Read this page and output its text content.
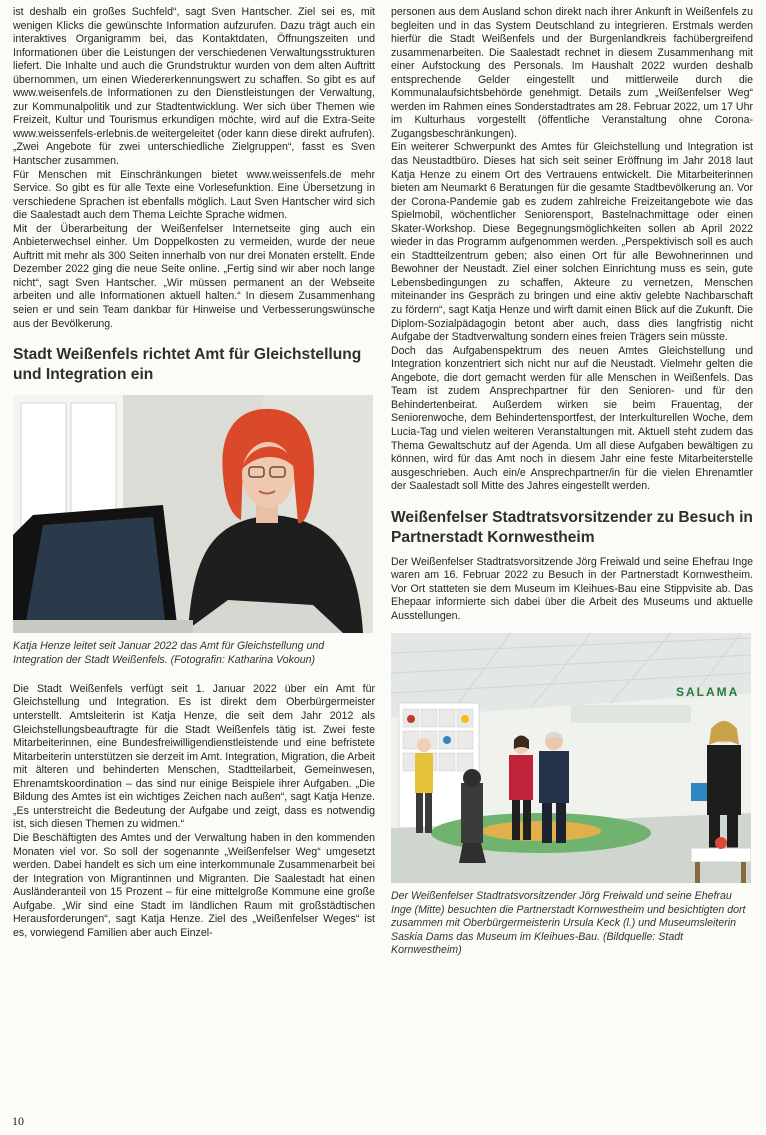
ist deshalb ein großes Suchfeld“, sagt Sven Hantscher. Ziel sei es, mit wenigen Klicks die gewünschte Information aufzurufen. Dazu trägt auch ein interaktives Organigramm bei, das Kontaktdaten, Öffnungszeiten und Informationen über die Leistungen der verschiedenen Verwaltungsstrukturen liefert. Die Inhalte und auch die Grundstruktur wurden von dem alten Auftritt übernommen, um einen Wiedererkennungswert zu schaffen. So gibt es auf www.weisenfels.de Informationen zu den Dienstleistungen der Verwaltung, zur Kommunalpolitik und zur Stadtentwicklung. Wer sich über Themen wie Freizeit, Kultur und Tourismus erkundigen möchte, wird auf die Extra-Seite www.weissenfels-erlebnis.de weitergeleitet (oder kann diese direkt aufrufen). „Zwei Angebote für zwei unterschiedliche Zielgruppen“, fasst es Sven Hantscher zusammen.

Für Menschen mit Einschränkungen bietet www.weissenfels.de mehr Service. So gibt es für alle Texte eine Vorlesefunktion. Eine Übersetzung in verschiedene Sprachen ist ebenfalls möglich. Laut Sven Hantscher wird sich die Saalestadt auch dem Thema Leichte Sprache widmen.

Mit der Überarbeitung der Weißenfelser Internetseite ging auch ein Anbieterwechsel einher. Um Doppelkosten zu vermeiden, wurde der neue Auftritt mit mehr als 300 Seiten innerhalb von nur drei Monaten erstellt. Ende Dezember 2022 ging die neue Seite online. „Fertig sind wir aber noch lange nicht“, sagt Sven Hantscher. „Wir müssen permanent an der Webseite arbeiten und alle Informationen aktuell halten.“ In diesem Zusammenhang seien er und sein Team dankbar für Hinweise und Verbesserungswünsche aus der Bevölkerung.

Stadt Weißenfels richtet Amt für Gleichstellung und Integration ein

Katja Henze leitet seit Januar 2022 das Amt für Gleichstellung und Integration der Stadt Weißenfels. (Fotografin: Katharina Vokoun)

Die Stadt Weißenfels verfügt seit 1. Januar 2022 über ein Amt für Gleichstellung und Integration. Es ist direkt dem Oberbürgermeister unterstellt. Amtsleiterin ist Katja Henze, die seit dem Jahr 2012 als Gleichstellungsbeauftragte für die Stadt Weißenfels tätig ist. Zwei feste Mitarbeiterinnen, eine Bundesfreiwilligendienstleistende und eine befristete Mitarbeiterin unterstützen sie derzeit im Amt. Integration, Migration, die Arbeit mit älteren und behinderten Menschen, Stadtteilarbeit, Gemeinwesen, Ehrenamtskoordination – das sind nur einige Beispiele ihrer Aufgaben. „Die Bildung des Amtes ist ein wichtiges Zeichen nach außen“, sagt Katja Henze. „Es unterstreicht die Bedeutung der Aufgabe und zeigt, dass es notwendig ist, sich diesen Themen zu widmen.“

Die Beschäftigten des Amtes und der Verwaltung haben in den kommenden Monaten viel vor. So soll der sogenannte „Weißenfelser Weg“ umgesetzt werden. Dabei handelt es sich um eine interkommunale Zusammenarbeit bei der Integration von Migrantinnen und Migranten. Die Saalestadt hat einen Ausländeranteil von 15 Prozent – für eine mittelgroße Kommune eine große Aufgabe. „Wir sind eine Stadt im ländlichen Raum mit großstädtischen Herausforderungen“, sagt Katja Henze. Ziel des „Weißenfelser Weges“ ist es, vorwiegend Familien aber auch Einzel-

personen aus dem Ausland schon direkt nach ihrer Ankunft in Weißenfels zu begleiten und in das System Deutschland zu integrieren. Erstmals werden hierfür die Stadt Weißenfels und der Burgenlandkreis fachübergreifend zusammenarbeiten. Die Saalestadt rechnet in diesem Zusammenhang mit einer Aufstockung des Personals. Im Haushalt 2022 wurden deshalb entsprechende Gelder eingestellt und mittlerweile durch die Kommunalaufsichtsbehörde genehmigt. Details zum „Weißenfelser Weg“ werden im Rahmen eines Sonderstadtrates am 28. Februar 2022, um 17 Uhr im Kulturhaus vorgestellt (öffentliche Veranstaltung ohne Corona-Zugangsbeschränkungen).

Ein weiterer Schwerpunkt des Amtes für Gleichstellung und Integration ist das Neustadtbüro. Dieses hat sich seit seiner Eröffnung im Jahr 2018 laut Katja Henze zu einem Ort des Vertrauens entwickelt. Die Mitarbeiterinnen bieten am Neumarkt 6 Beratungen für die gesamte Stadtbevölkerung an. Vor der Corona-Pandemie gab es zudem zahlreiche Freizeitangebote wie das Spielmobil, wöchentlicher Seniorensport, Bastelnachmittage oder einen Skater-Workshop. Diese Begegnungsmöglichkeiten sollen ab April 2022 wieder in das Programm aufgenommen werden. „Perspektivisch soll es auch ein Stadtteilzentrum geben; also einen Ort für alle Bewohnerinnen und Bewohner der Neustadt. Ziel einer solchen Einrichtung muss es sein, gute Lebensbedingungen zu schaffen, Akteure zu vernetzen, Menschen miteinander ins Gespräch zu bringen und eine aktiv gelebte Nachbarschaft zu fördern“, sagt Katja Henze und wirft damit einen Blick auf die Zukunft. Die Diplom-Sozialpädagogin betont aber auch, dass dies langfristig nicht Aufgabe der Stadtverwaltung sondern eines freien Trägers sein müsste.

Doch das Aufgabenspektrum des neuen Amtes Gleichstellung und Integration konzentriert sich nicht nur auf die Neustadt. Vielmehr gelten die Angebote, die dort gemacht werden für alle Menschen in Weißenfels. Das Team ist zudem Ansprechpartner für den Senioren- und für den Behindertenbeirat. Außerdem wirken sie beim Frauentag, der Seniorenwoche, dem Behindertensportfest, der Interkulturellen Woche, dem Lucia-Tag und vielen weiteren Veranstaltungen mit. Aktuell steht zudem das Thema Gewaltschutz auf der Agenda. Um all diese Aufgaben bewältigen zu können, wird für das Amt noch in diesem Jahr eine feste Mitarbeiterstelle ausgeschrieben. Auch ein/e Ansprechpartner/in für die vielen Ehrenamtler der Saalestadt soll Mitte des Jahres eingestellt werden.

Weißenfelser Stadtratsvorsitzender zu Besuch in Partnerstadt Kornwestheim

Der Weißenfelser Stadtratsvorsitzende Jörg Freiwald und seine Ehefrau Inge waren am 16. Februar 2022 zu Besuch in der Partnerstadt Kornwestheim. Vor Ort statteten sie dem Museum im Kleihues-Bau eine Stippvisite ab. Das Ehepaar informierte sich dabei über die Arbeit des Museums und aktuelle Ausstellungen.

SALAMA

Der Weißenfelser Stadtratsvorsitzender Jörg Freiwald und seine Ehefrau Inge (Mitte) besuchten die Partnerstadt Kornwestheim und besichtigten dort zusammen mit Oberbürgermeisterin Ursula Keck (l.) und Museumsleiterin Saskia Dams das Museum im Kleihues-Bau. (Bildquelle: Stadt Kornwestheim)

10
